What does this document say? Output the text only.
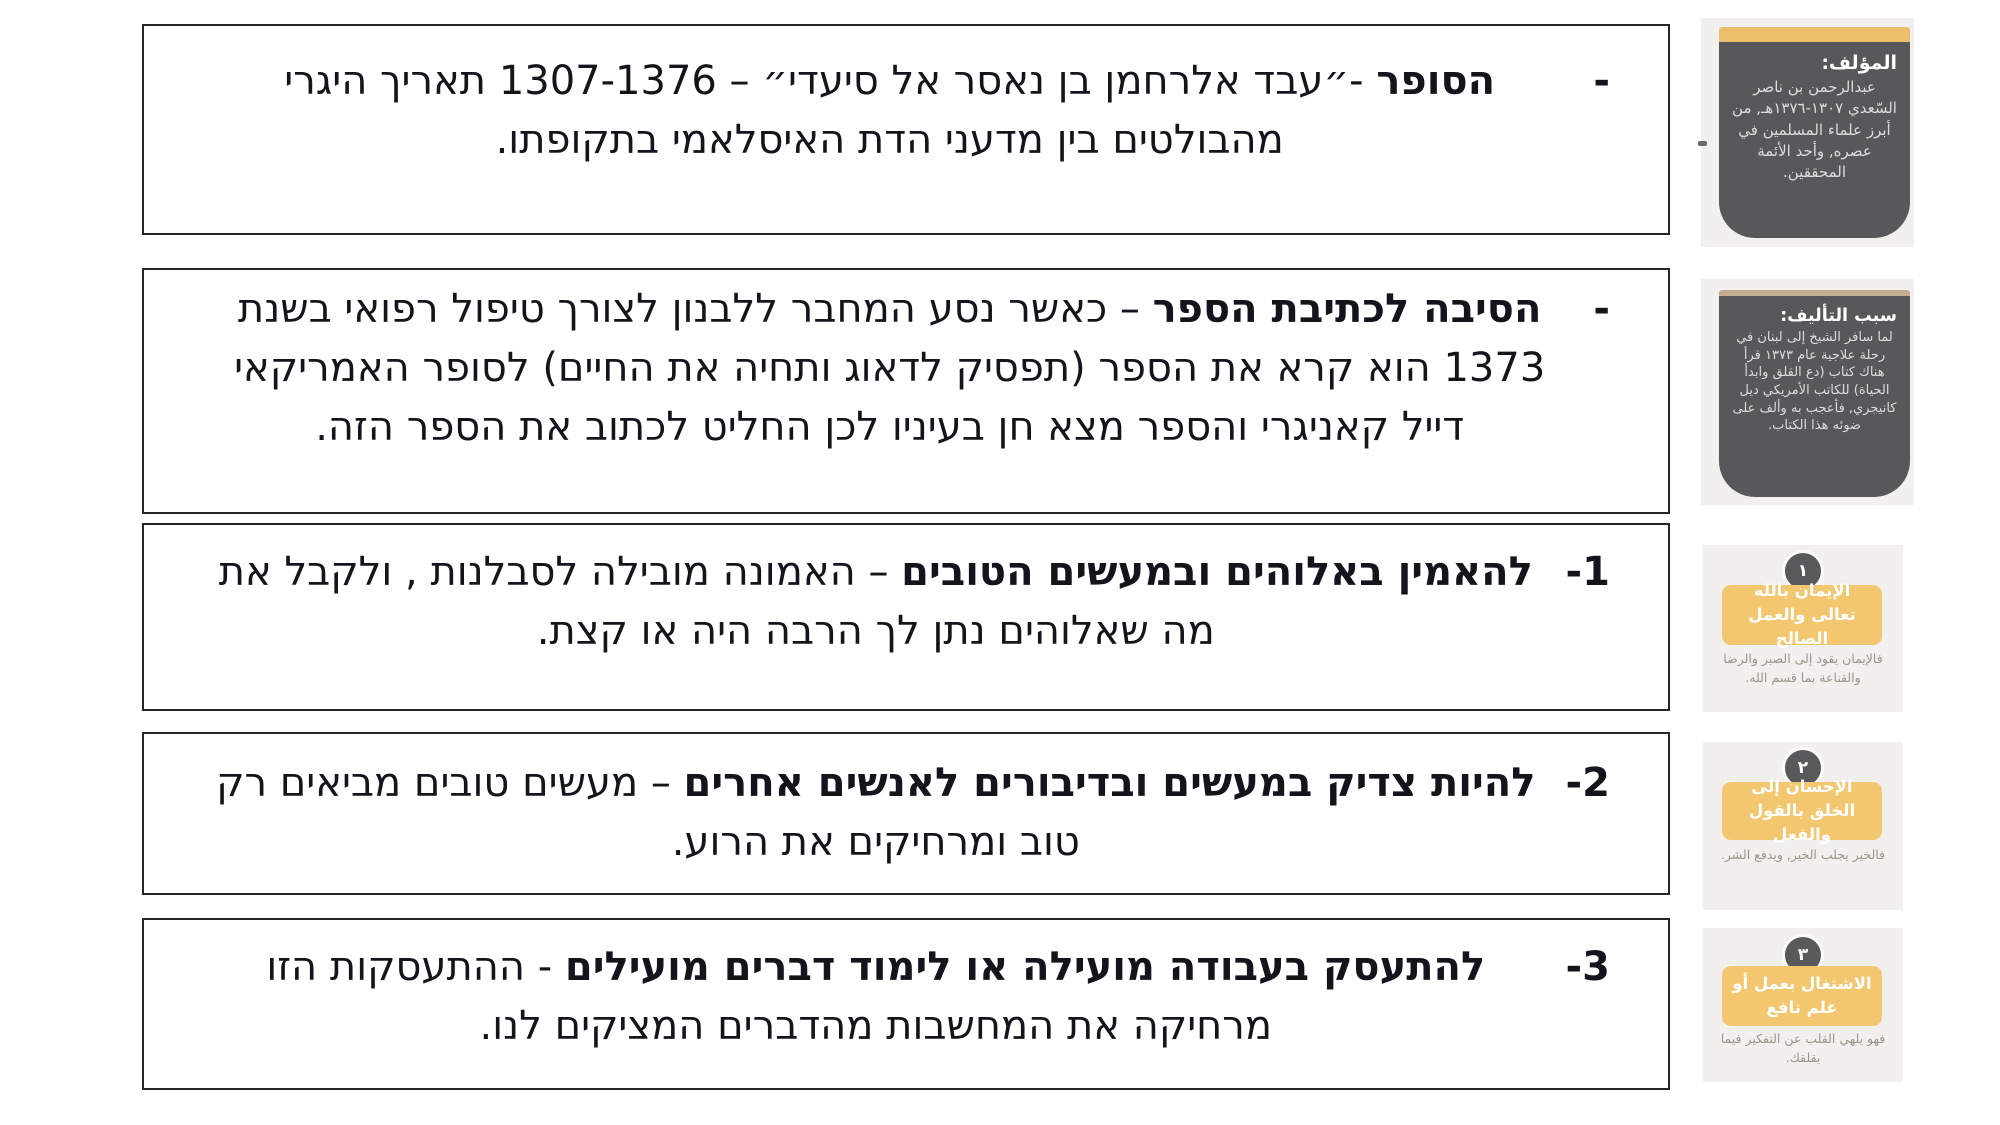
-

הסופר -״עבד אלרחמן בן נאסר אל סיעדי״ – 1307-1376 תאריך היגרי מהבולטים בין מדעני הדת האיסלאמי בתקופתו.

-

הסיבה לכתיבת הספר – כאשר נסע המחבר ללבנון לצורך טיפול רפואי בשנת 1373 הוא קרא את הספר (תפסיק לדאוג ותחיה את החיים) לסופר האמריקאי דייל קאניגרי והספר מצא חן בעיניו לכן החליט לכתוב את הספר הזה.

1-

להאמין באלוהים ובמעשים הטובים – האמונה מובילה לסבלנות , ולקבל את מה שאלוהים נתן לך הרבה היה או קצת.

2-

להיות צדיק במעשים ובדיבורים לאנשים אחרים – מעשים טובים מביאים רק טוב ומרחיקים את הרוע.

3-

להתעסק בעבודה מועילה או לימוד דברים מועילים - ההתעסקות הזו מרחיקה את המחשבות מהדברים המציקים לנו.

المؤلف:

عبدالرحمن بن ناصر السّعدي ١٣٠٧-١٣٧٦هـ, من أبرز علماء المسلمين في عصره, وأحد الأئمة المحققين.

سبب التأليف:

لما سافر الشيخ إلى لبنان في رحلة علاجية عام ١٣٧٣ قرأ هناك كتاب (دع القلق وابدأ الحياة) للكاتب الأمريكي ديل كانيجري, فأعجب به وألف على ضوئه هذا الكتاب.

١
الإيمان بالله تعالى والعمل الصالح

فالإيمان يقود إلى الصبر والرضا والقناعة بما قسم الله.

٢
الإحسان إلى الخلق بالقول والفعل

فالخير يجلب الخير, ويدفع الشر.

٣
الاشتغال بعمل أو علم نافع

فهو يلهي القلب عن التفكير فيما يقلقك.
